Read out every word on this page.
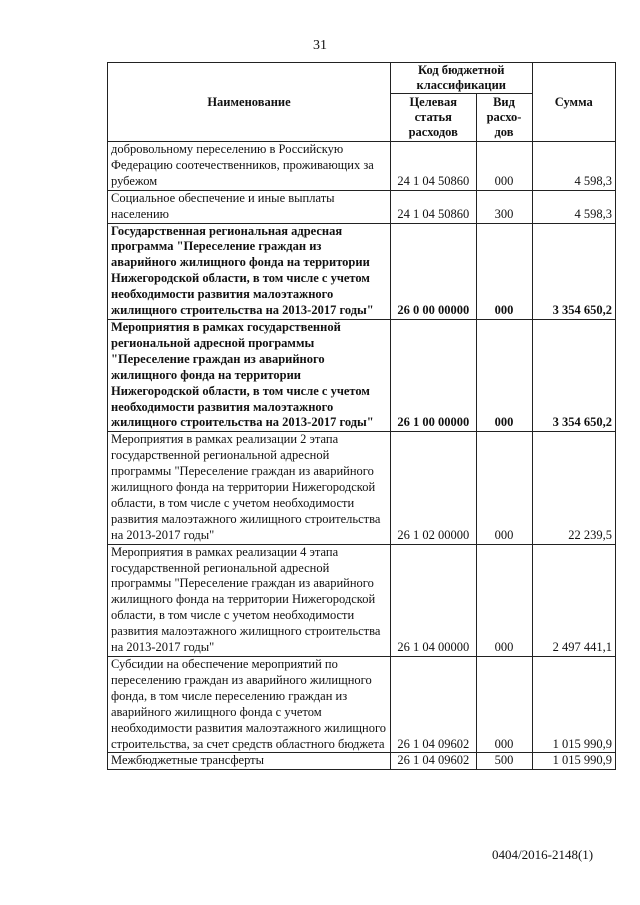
31
Наименование	Код бюджетной классификации		Сумма
	Целевая статья расходов	Вид расхо-дов	
добровольному переселению в Российскую Федерацию соотечественников, проживающих за рубежом	24 1 04 50860	000	4 598,3
Социальное обеспечение и иные выплаты населению	24 1 04 50860	300	4 598,3
Государственная региональная адресная программа "Переселение граждан из аварийного жилищного фонда на территории Нижегородской области, в том числе с учетом необходимости развития малоэтажного жилищного строительства на 2013-2017 годы"	26 0 00 00000	000	3 354 650,2
Мероприятия в рамках государственной региональной адресной программы "Переселение граждан из аварийного жилищного фонда на территории Нижегородской области, в том числе с учетом необходимости развития малоэтажного жилищного строительства на 2013-2017 годы"	26 1 00 00000	000	3 354 650,2
Мероприятия в рамках реализации 2 этапа государственной региональной адресной программы "Переселение граждан из аварийного жилищного фонда на территории Нижегородской области, в том числе с учетом необходимости развития малоэтажного жилищного строительства на 2013-2017 годы"	26 1 02 00000	000	22 239,5
Мероприятия в рамках реализации 4 этапа государственной региональной адресной программы "Переселение граждан из аварийного жилищного фонда на территории Нижегородской области, в том числе с учетом необходимости развития малоэтажного жилищного строительства на 2013-2017 годы"	26 1 04 00000	000	2 497 441,1
Субсидии на обеспечение мероприятий по переселению граждан из аварийного жилищного фонда, в том числе переселению граждан из аварийного жилищного фонда с учетом необходимости развития малоэтажного жилищного строительства, за счет средств областного бюджета	26 1 04 09602	000	1 015 990,9
Межбюджетные трансферты	26 1 04 09602	500	1 015 990,9
0404/2016-2148(1)
